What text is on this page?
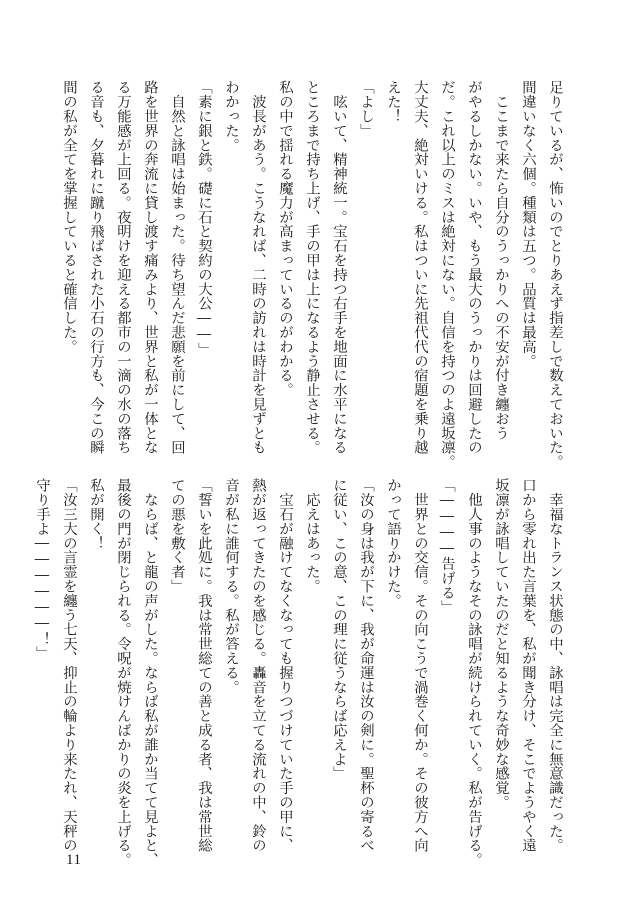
足りているが、怖いのでとりあえず指差しで数えておいた。
間違いなく六個。種類は五つ。品質は最高。
　ここまで来たら自分のうっかりへの不安が付き纏おう
がやるしかない。いや、もう最大のうっかりは回避したの
だ。これ以上のミスは絶対にない。自信を持つのよ遠坂凛。
大丈夫、絶対いける。私はついに先祖代代の宿題を乗り越
えた！
「よし」
　呟いて、精神統一。宝石を持つ右手を地面に水平になる
ところまで持ち上げ、手の甲は上になるよう静止させる。
私の中で揺れる魔力が高まっているのがわかる。
　波長があう。こうなれば、二時の訪れは時計を見ずとも
わかった。
「素に銀と鉄。礎に石と契約の大公――」
　自然と詠唱は始まった。待ち望んだ悲願を前にして、回
路を世界の奔流に貸し渡す痛みより、世界と私が一体とな
る万能感が上回る。夜明けを迎える都市の一滴の水の落ち
る音も、夕暮れに蹴り飛ばされた小石の行方も、今この瞬
間の私が全てを掌握していると確信した。
　幸福なトランス状態の中、詠唱は完全に無意識だった。
口から零れ出た言葉を、私が聞き分け、そこでようやく遠
坂凛が詠唱していたのだと知るような奇妙な感覚。
　他人事のようなその詠唱が続けられていく。私が告げる。
「――――告げる」
　世界との交信。その向こうで渦巻く何か。その彼方へ向
かって語りかけた。
「汝の身は我が下に、我が命運は汝の剣に。聖杯の寄るべ
に従い、この意、この理に従うならば応えよ」
　応えはあった。
　宝石が融けてなくなっても握りつづけていた手の甲に、
熱が返ってきたのを感じる。轟音を立てる流れの中、鈴の
音が私に誰何する。私が答える。
「誓いを此処に。我は常世総ての善と成る者、我は常世総
ての悪を敷く者」
　ならば、と龍の声がした。ならば私が誰か当てて見よと、
最後の門が閉じられる。令呪が焼けんばかりの炎を上げる。
私が開く！
「汝三大の言霊を纏う七天、抑止の輪より来たれ、天秤の
守り手よ――――――！」
11
